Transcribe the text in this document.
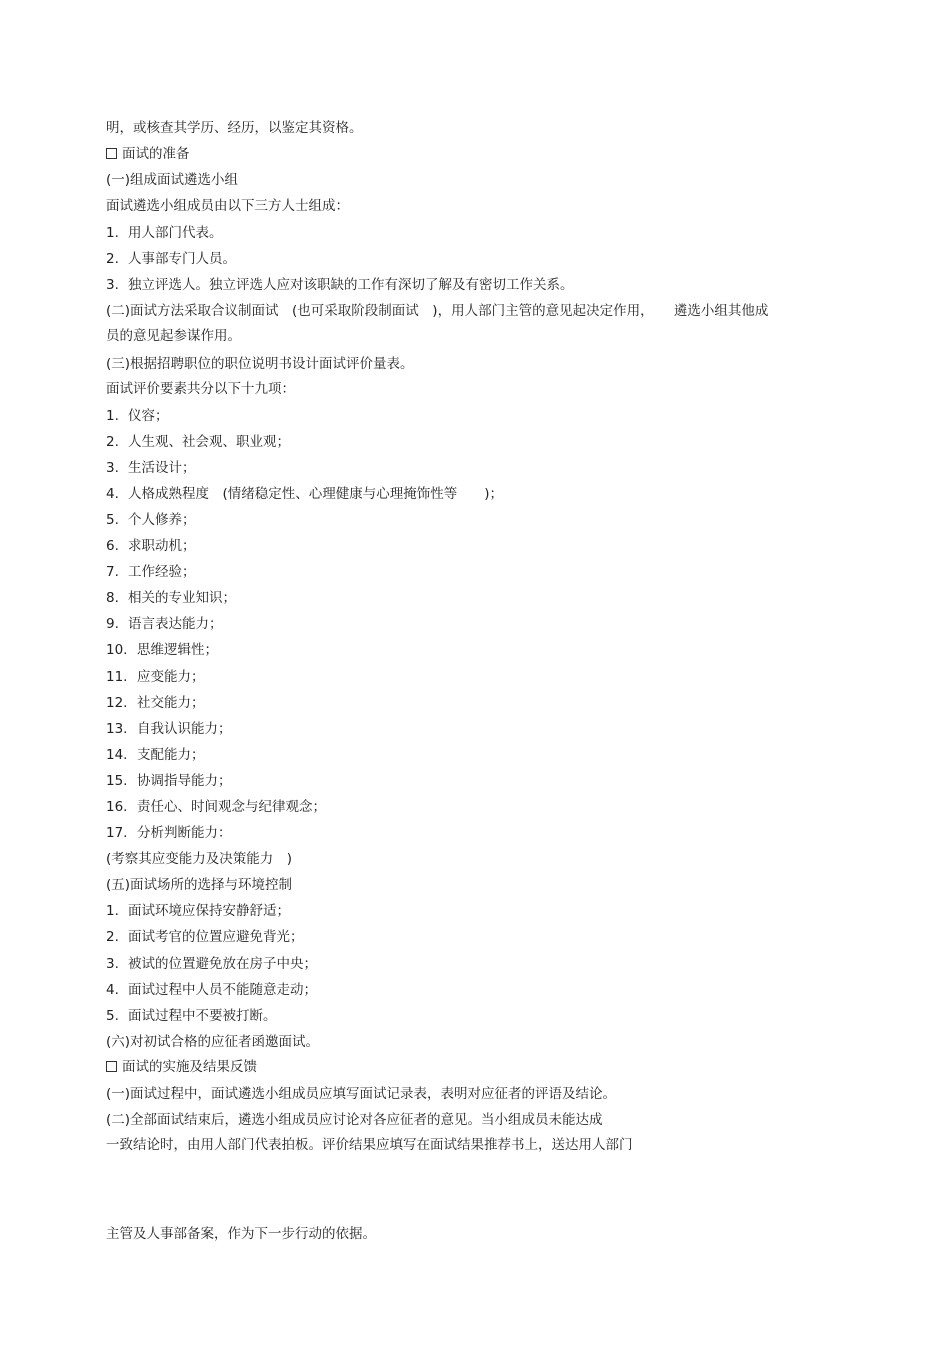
明，或核查其学历、经历，以鉴定其资格。
面试的准备
(一)组成面试遴选小组
面试遴选小组成员由以下三方人士组成：
1. 用人部门代表。
2. 人事部专门人员。
3. 独立评选人。独立评选人应对该职缺的工作有深切了解及有密切工作关系。
(二)面试方法采取合议制面试　(也可采取阶段制面试　)，用人部门主管的意见起决定作用，　　遴选小组其他成
员的意见起参谋作用。
(三)根据招聘职位的职位说明书设计面试评价量表。
面试评价要素共分以下十九项：
1. 仪容；
2. 人生观、社会观、职业观；
3. 生活设计；
4. 人格成熟程度　(情绪稳定性、心理健康与心理掩饰性等　　)；
5. 个人修养；
6. 求职动机；
7. 工作经验；
8. 相关的专业知识；
9. 语言表达能力；
10. 思维逻辑性；
11. 应变能力；
12. 社交能力；
13. 自我认识能力；
14. 支配能力；
15. 协调指导能力；
16. 责任心、时间观念与纪律观念；
17. 分析判断能力：
(考察其应变能力及决策能力　)
(五)面试场所的选择与环境控制
1. 面试环境应保持安静舒适；
2. 面试考官的位置应避免背光；
3. 被试的位置避免放在房子中央；
4. 面试过程中人员不能随意走动；
5. 面试过程中不要被打断。
(六)对初试合格的应征者函邀面试。
面试的实施及结果反馈
(一)面试过程中，面试遴选小组成员应填写面试记录表，表明对应征者的评语及结论。
(二)全部面试结束后，遴选小组成员应讨论对各应征者的意见。当小组成员未能达成
一致结论时，由用人部门代表拍板。评价结果应填写在面试结果推荐书上，送达用人部门
主管及人事部备案，作为下一步行动的依据。
